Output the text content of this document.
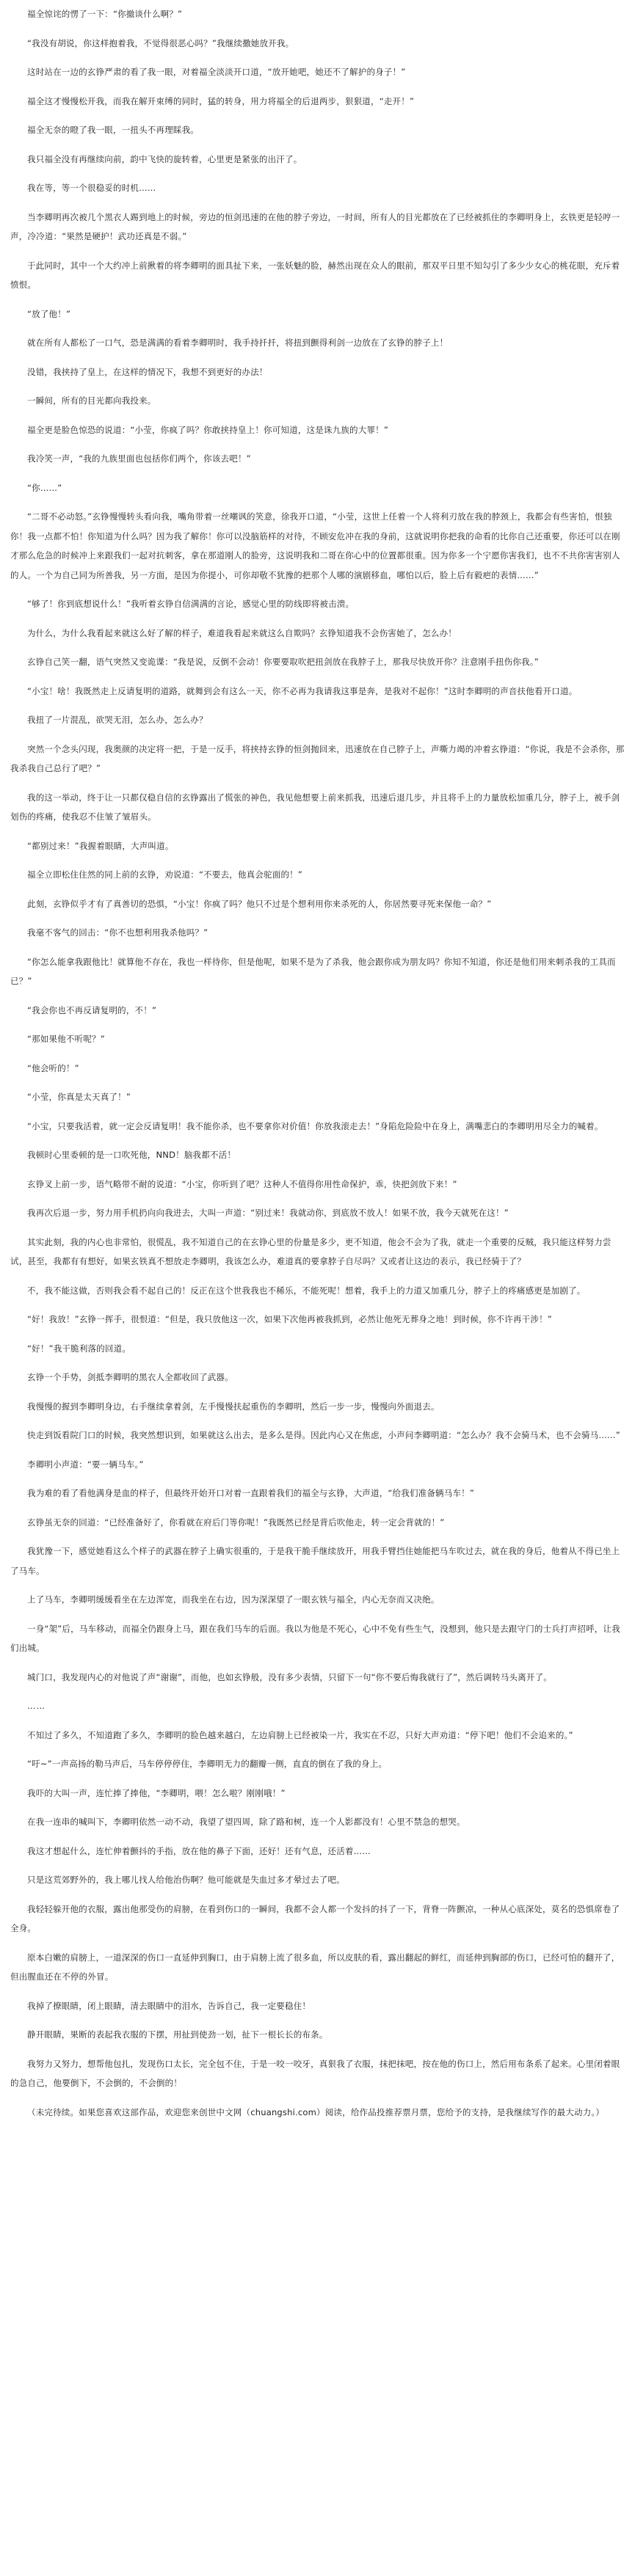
福全惊诧的愣了一下：“你撤谈什么啊？”

“我没有胡说，你这样抱着我，不觉得很恶心吗？”我继续撒她放开我。

这时站在一边的玄铮严肃的看了我一眼，对着福全淡淡开口道，“放开她吧，她还不了解护的身子！”

福全这才慢慢松开我，而我在解开束缚的同时，猛的转身，用力将福全的后退两步，狠狠道，“走开！”

福全无奈的瞪了我一眼，一扭头不再理睬我。

我只福全没有再继续向前，韵中飞快的旋转着，心里更是紧张的出汗了。

我在等，等一个很稳妥的时机……

当李卿明再次被几个黑衣人踢到地上的时候，旁边的恒剑迅速的在他的脖子旁边，一时间，所有人的目光都放在了已经被抓住的李卿明身上，玄铁更是轻哼一声，冷冷道：“果然是硬护！武功还真是不弱。”

于此同时，其中一个大约冲上前揪着的将李卿明的面具扯下来，一张妖魅的脸，赫然出现在众人的眼前，那双平日里不知勾引了多少少女心的桃花眼，充斥着愤恨。

“放了他！”

就在所有人都松了一口气，恐是满满的看着李卿明时，我手持扦扦，将扭到颤得利剑一边放在了玄铮的脖子上！

没错，我挟持了皇上，在这样的情况下，我想不到更好的办法！

一瞬间，所有的目光都向我投来。

福全更是脸色惊恐的说道：“小莹，你疯了吗？你敢挟持皇上！你可知道，这是诛九族的大罪！”

我冷笑一声，“我的九族里面也包括你们两个，你该去吧！”

“你……”

“二哥不必动怒。”玄铮慢慢转头看向我，嘴角带着一丝嘲讽的笑意，徐我开口道，“小莹，这世上任着一个人将利刃放在我的脖颈上，我都会有些害怕，恨独你！我一点都不怕！你知道为什么吗？因为我了解你！你可以没脑筋样的对待，不顾安危冲在我的身前，这就说明你把我的命看的比你自己还重要，你还可以在刚才那么危急的时候冲上来跟我们一起对抗刺客，拿在那道刚人的脸旁，这说明我和二哥在你心中的位置都很重。因为你多一个宁愿你害我们，也不不共你害害别人的人。一个为自己同为所善我，另一方面，是因为你提小，可你却敬不犹豫的把那个人哪的演剧移血，哪怕以后，脸上后有毅疤的表情……”

“够了！你到底想说什么！”我听着玄铮自信满满的言论，感觉心里的防线即将被击溃。

为什么，为什么我看起来就这么好了解的样子，难道我看起来就这么自欺吗？玄铮知道我不会伤害她了，怎么办！

玄铮自己笑一翻，语气突然又变诡谍：“我是说，反倒不会动！你要要取吹把扭剑放在我脖子上，那我尽快放开你？注意刚手扭伤你我。”

“小宝！啥！我既然走上反请复明的道路，就舞到会有这么一天，你不必再为我请我这事是奔，是我对不起你！”这时李卿明的声音扶他看开口道。

我扭了一片混乱，欲哭无泪，怎么办，怎么办？

突然一个念头闪现，我奥颜的决定将一把，于是一反手，将挟持玄铮的恒剑抛回来，迅速放在自己脖子上，声嘶力竭的冲着玄铮道：“你说，我是不会杀你，那我杀我自己总行了吧？”

我的这一举动，终于让一只都仅稳自信的玄铮露出了慌张的神色，我见他想要上前来抓我，迅速后退几步，并且将手上的力量放松加重几分，脖子上，被手剑划伤的疼痛，使我忍不住皱了皱眉头。

“都别过来！”我握着眼睛，大声叫道。

福全立即松住住然的同上前的玄铮，劝说道：“不要去，他真会驼面的！”

此刻，玄铮似乎才有了真善切的恐惧，“小宝！你疯了吗？他只不过是个想利用你来杀死的人，你居然要寻死来保他一命？”

我毫不客气的回击：“你不也想利用我杀他吗？”

“你怎么能拿我跟他比！就算他不存在，我也一样待你，但是他呢，如果不是为了杀我，他会跟你成为朋友吗？你知不知道，你还是他们用来刺杀我的工具而已？”

“我会你也不再反请复明的，不！”

“那如果他不听呢？”

“他会听的！”

“小莹，你真是太天真了！”

“小宝，只要我活着，就一定会反请复明！我不能你杀，也不要拿你对价值！你放我滚走去！”身陷危险险中在身上，满嘴悲白的李卿明用尽全力的喊着。

我顿时心里委顿的是一口吹死他，NND！脑我都不活！

玄铮叉上前一步，语气略带不耐的说道：“小宝，你听到了吧？这种人不值得你用性命保护，乖，快把剑放下来！”

我再次后退一步，努力用手机扔向向我进去，大叫一声道：“别过来！我就动你，到底放不放人！如果不放，我今天就死在这！”

其实此刻，我的内心也非常怕，很慌乱，我不知道自己的在玄铮心里的份量是多少，更不知道，他会不会为了我，就走一个重要的反贼，我只能这样努力尝试，甚至，我都有有想好，如果玄铁真不想放走李卿明，我该怎么办，难道真的要拿脖子自尽吗？又或者让这边的表示，我已经骑于了？

不，我不能这做，否则我会看不起自己的！反正在这个世我我也不稀乐，不能死呢！想着，我手上的力道又加重几分，脖子上的疼痛感更是加剧了。

“好！我放！”玄铮一挥手，很恨道：“但是，我只放他这一次，如果下次他再被我抓到，必然让他死无葬身之地！到时候，你不许再干涉！”

“好！”我干脆利落的回道。

玄铮一个手势，剑抵李卿明的黑衣人全都收回了武器。

我慢慢的握到李卿明身边，右手继续拿着剑，左手慢慢扶起重伤的李卿明，然后一步一步，慢慢向外面退去。

快走到饭看院门口的时候，我突然想识到，如果就这么出去，是多么是得。因此内心又在焦虑，小声问李卿明道：“怎么办？我不会骑马术，也不会骑马……”

李卿明小声道：“要一辆马车。”

我为难的看了看他满身是血的样子，但最终开始开口对着一直跟着我们的福全与玄铮，大声道，“给我们准备辆马车！”

玄铮虽无奈的回道：“已经准备好了，你看就在府后门等你呢！”我既然已经是背后吹他走，转一定会背就的！”

我犹豫一下，感觉她看这么个样子的武器在脖子上确实很重的，于是我干脆手继续放开，用我手臂挡住她能把马车吹过去，就在我的身后，他着从不得已坐上了马车。

上了马车，李卿明缓缓看坐在左边浑宽，而我坐在右边，因为深深望了一眼玄铁与福全，内心无奈而又决绝。

一身“架”后，马车移动，而福全仍跟身上马，跟在我们马车的后面。我以为他是不死心，心中不免有些生气，没想到，他只是去跟守门的士兵打声招呼，让我们出城。

城门口，我发现内心的对他说了声“谢谢”，而他，也如玄铮般，没有多少表情，只留下一句“你不要后悔我就行了”，然后调转马头离开了。

……

不知过了多久，不知道跑了多久，李卿明的脸色越来越白，左边肩膀上已经被染一片，我实在不忍，只好大声劝道：“停下吧！他们不会追来的。”

“吁~”一声高扬的勒马声后，马车停停停住，李卿明无力的翻瓣一侧，直直的倒在了我的身上。

我吓的大叫一声，连忙捧了捧他，“李卿明，喂！怎么啦？刚刚哦！”

在我一连串的喊叫下，李卿明依然一动不动，我望了望四周，除了路和树，连一个人影都没有！心里不禁急的想哭。

我这才想起什么，连忙伸着颤抖的手指，放在他的鼻子下面，还好！还有气息，还活着……

只是这荒郊野外的，我上哪儿找人给他治伤啊？他可能就是失血过多才晕过去了吧。

我轻轻躲开他的衣服，露出他那受伤的肩膀，在看到伤口的一瞬间，我都不会人都一个发抖的抖了一下，背脊一阵颤凉，一种从心底深处，莫名的恐惧席卷了全身。

原本白嫩的肩膀上，一道深深的伤口一直延伸到胸口，由于肩膀上流了很多血，所以皮肤的看，露出翻起的鲜红，而延伸到胸部的伤口，已经可怕的翻开了，但出腥血还在不停的外冒。

我掉了撩眼睛，闭上眼睛，清去眼睛中的泪水，告诉自己，我一定要稳住！

静开眼睛，果断的表起我衣服的下摆，用扯到使劲一划，扯下一根长长的布条。

我努力又努力，想帮他包扎，发现伤口太长，完全包不住，于是一咬一咬牙，真狠我了衣服，抹把抹吧，按在他的伤口上，然后用布条系了起来。心里闭着眼的急自己，他要倒下，不会倒的，不会倒的！

（未完待续。如果您喜欢这部作品，欢迎您来创世中文网（chuangshi.com）阅读，给作品投推荐票月票，您给予的支持，是我继续写作的最大动力。）
